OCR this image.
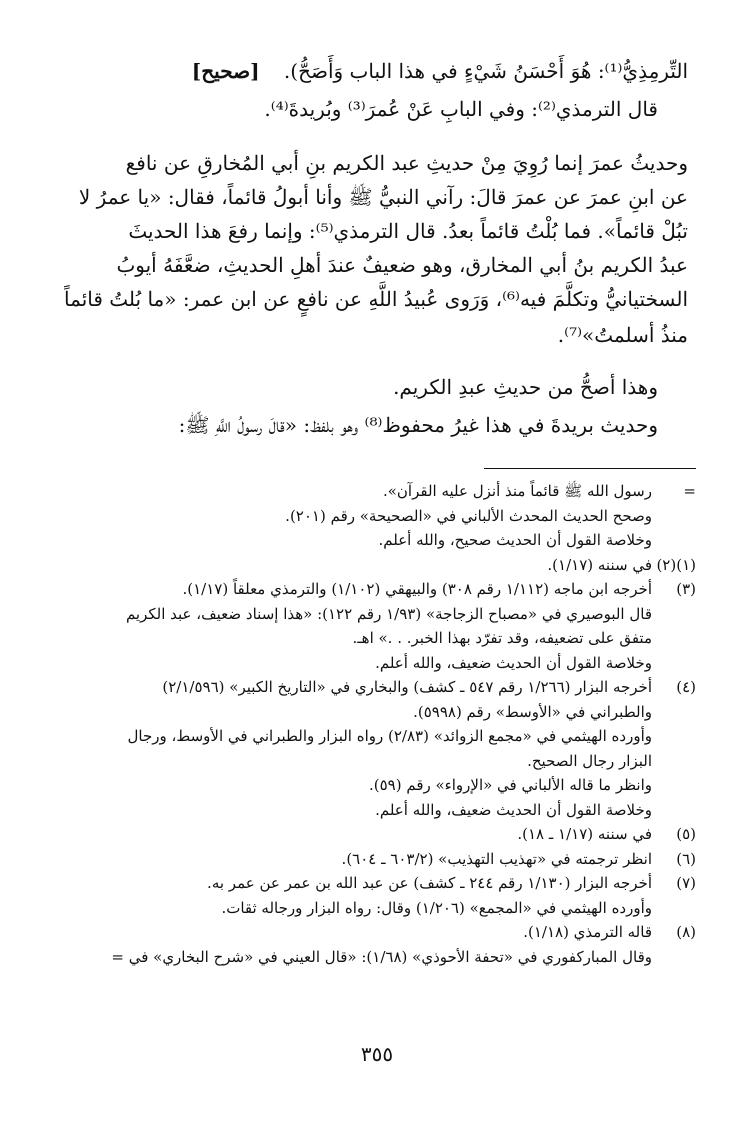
التِّرمِذِيُّ⁽¹⁾: هُوَ أَحْسَنُ شَيْءٍ في هذا الباب وَأَصَحُّ). [صحيح]
قال الترمذي⁽²⁾: وفي البابِ عَنْ عُمرَ⁽³⁾ وبُريدةَ⁽⁴⁾.
وحديثُ عمرَ إنما رُوِيَ مِنْ حديثِ عبد الكريم بنِ أبي المُخارقِ عن نافع
عن ابنِ عمرَ عن عمرَ قالَ: رآني النبيُّ ﷺ وأنا أبولُ قائماً، فقال: «يا عمرُ لا
تبُلْ قائماً». فما بُلْتُ قائماً بعدُ. قال الترمذي⁽⁵⁾: وإنما رفعَ هذا الحديثَ
عبدُ الكريم بنُ أبي المخارق، وهو ضعيفٌ عندَ أهلِ الحديثِ، ضعَّفَهُ أيوبُ
السختيانيُّ وتكلَّمَ فيه⁽⁶⁾، وَرَوى عُبيدُ اللَّهِ عن نافعٍ عن ابن عمر: «ما بُلتُ قائماً
منذُ أسلمتُ»⁽⁷⁾.
وهذا أصحُّ من حديثِ عبدِ الكريم.
وحديث بريدةَ في هذا غيرُ محفوظ⁽⁸⁾ وهو بلفظ: «قالَ رسولُ اللَّهِ ﷺ:
=
رسول الله ﷺ قائماً منذ أنزل عليه القرآن».
وصحح الحديث المحدث الألباني في «الصحيحة» رقم (٢٠١).
وخلاصة القول أن الحديث صحيح، والله أعلم.
(١)(٢)
في سننه (١/١٧).
(٣)
أخرجه ابن ماجه (١/١١٢ رقم ٣٠٨) والبيهقي (١/١٠٢) والترمذي معلقاً (١/١٧).
قال البوصيري في «مصباح الزجاجة» (١/٩٣ رقم ١٢٢): «هذا إسناد ضعيف، عبد الكريم
متفق على تضعيفه، وقد تفرّد بهذا الخبر. . .» اهـ.
وخلاصة القول أن الحديث ضعيف، والله أعلم.
(٤)
أخرجه البزار (١/٢٦٦ رقم ٥٤٧ ـ كشف) والبخاري في «التاريخ الكبير» (٢/١/٥٩٦)
والطبراني في «الأوسط» رقم (٥٩٩٨).
وأورده الهيثمي في «مجمع الزوائد» (٢/٨٣) رواه البزار والطبراني في الأوسط، ورجال
البزار رجال الصحيح.
وانظر ما قاله الألباني في «الإرواء» رقم (٥٩).
وخلاصة القول أن الحديث ضعيف، والله أعلم.
(٥)
في سننه (١/١٧ ـ ١٨).
(٦)
انظر ترجمته في «تهذيب التهذيب» (٦٠٣/٢ ـ ٦٠٤).
(٧)
أخرجه البزار (١/١٣٠ رقم ٢٤٤ ـ كشف) عن عبد الله بن عمر عن عمر به.
وأورده الهيثمي في «المجمع» (١/٢٠٦) وقال: رواه البزار ورجاله ثقات.
(٨)
قاله الترمذي (١/١٨).
وقال المباركفوري في «تحفة الأحوذي» (١/٦٨): «قال العيني في «شرح البخاري» في =
٣٥٥
